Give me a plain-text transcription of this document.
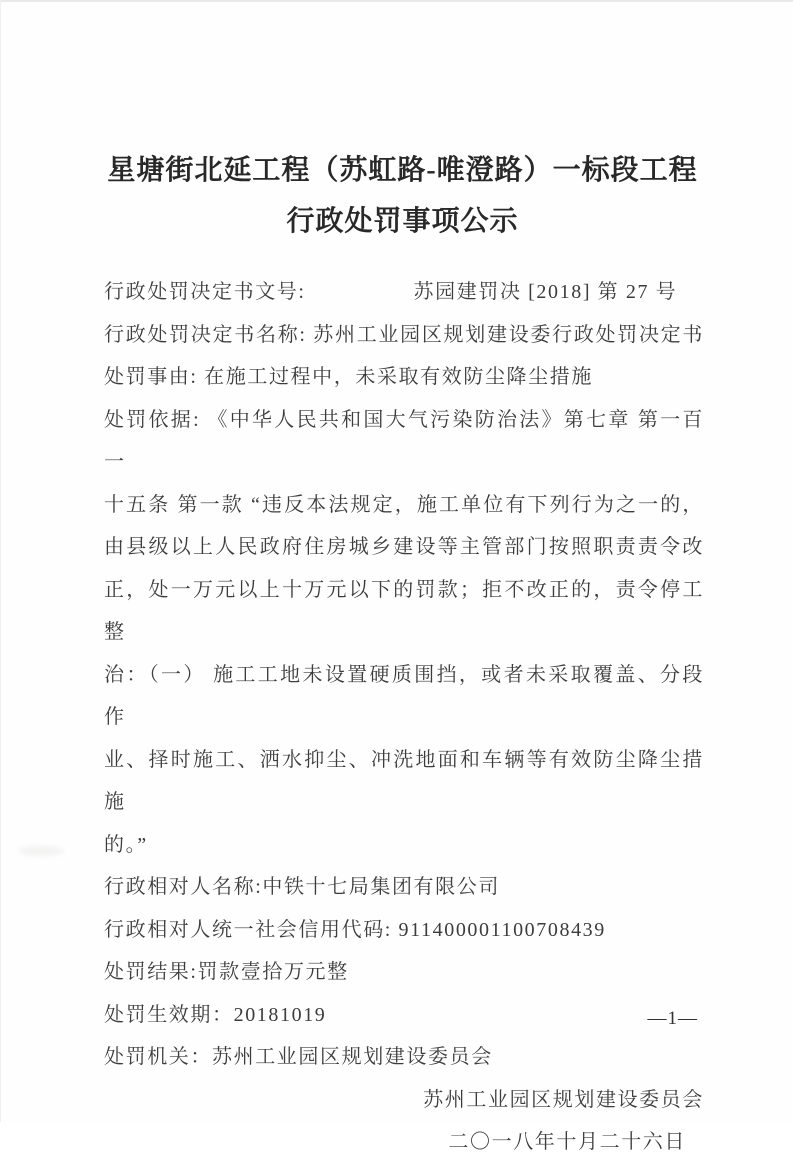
星塘街北延工程（苏虹路-唯澄路）一标段工程
行政处罚事项公示
行政处罚决定书文号:　　　　　苏园建罚决 [2018] 第 27 号
行政处罚决定书名称: 苏州工业园区规划建设委行政处罚决定书
处罚事由: 在施工过程中，未采取有效防尘降尘措施
处罚依据: 《中华人民共和国大气污染防治法》第七章 第一百一
十五条 第一款 “违反本法规定，施工单位有下列行为之一的，
由县级以上人民政府住房城乡建设等主管部门按照职责责令改
正，处一万元以上十万元以下的罚款；拒不改正的，责令停工整
治：（一） 施工工地未设置硬质围挡，或者未采取覆盖、分段作
业、择时施工、洒水抑尘、冲洗地面和车辆等有效防尘降尘措施
的。”
行政相对人名称:中铁十七局集团有限公司
行政相对人统一社会信用代码: 911400001100708439
处罚结果:罚款壹拾万元整
处罚生效期：20181019
处罚机关：苏州工业园区规划建设委员会
苏州工业园区规划建设委员会
二〇一八年十月二十六日
—1—
